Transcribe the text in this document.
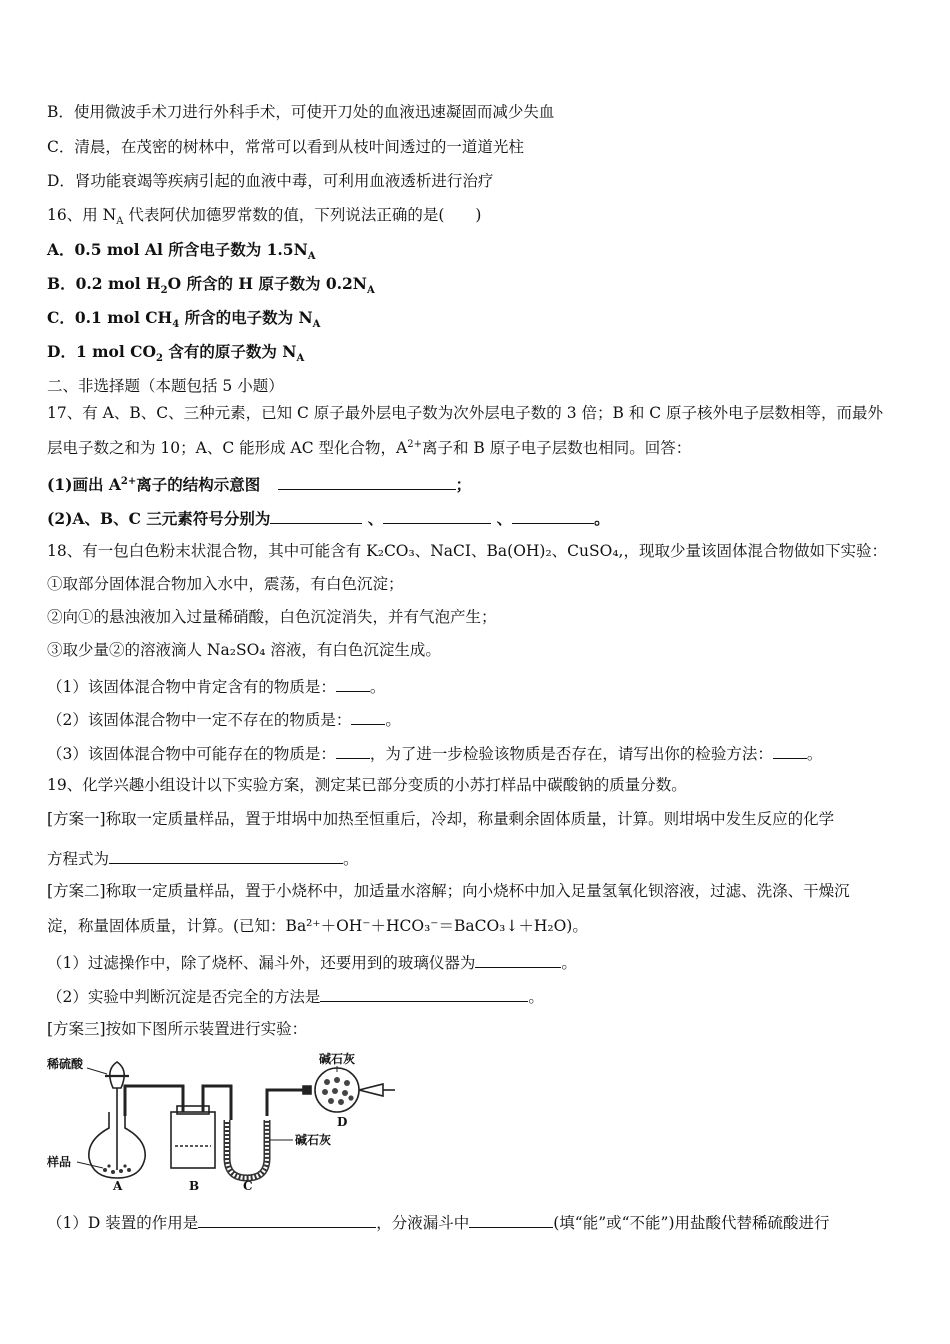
B．使用微波手术刀进行外科手术，可使开刀处的血液迅速凝固而减少失血
C．清晨，在茂密的树林中，常常可以看到从枝叶间透过的一道道光柱
D．肾功能衰竭等疾病引起的血液中毒，可利用血液透析进行治疗
16、用 $N_A$ 代表阿伏加德罗常数的值，下列说法正确的是(　　)
A．0.5 mol Al 所含电子数为 $1.5N_A$
B．0.2 mol $H_2O$ 所含的 H 原子数为 $0.2N_A$
C．0.1 mol $CH_4$ 所含的电子数为 $N_A$
D．1 mol $CO_2$ 含有的原子数为 $N_A$
二、非选择题（本题包括 5 小题）
17、有 A、B、C、三种元素，已知 C 原子最外层电子数为次外层电子数的 3 倍；B 和 C 原子核外电子层数相等，而最外
层电子数之和为 10；A、C 能形成 AC 型化合物，$A^{2+}$离子和 B 原子电子层数也相同。回答：
(1)画出 $A^{2+}$离子的结构示意图	；
(2)A、B、C 三元素符号分别为	、	、	。
18、有一包白色粉末状混合物，其中可能含有 K₂CO₃、NaCI、Ba(OH)₂、CuSO₄,，现取少量该固体混合物做如下实验：
①取部分固体混合物加入水中，震荡，有白色沉淀；
②向①的悬浊液加入过量稀硝酸，白色沉淀消失，并有气泡产生；
③取少量②的溶液滴人 Na₂SO₄ 溶液，有白色沉淀生成。
（1）该固体混合物中肯定含有的物质是： 。
（2）该固体混合物中一定不存在的物质是： 。
（3）该固体混合物中可能存在的物质是： ，为了进一步检验该物质是否存在，请写出你的检验方法： 。
19、化学兴趣小组设计以下实验方案，测定某已部分变质的小苏打样品中碳酸钠的质量分数。
[方案一]称取一定质量样品，置于坩埚中加热至恒重后，冷却，称量剩余固体质量，计算。则坩埚中发生反应的化学
方程式为	。
[方案二]称取一定质量样品，置于小烧杯中，加适量水溶解；向小烧杯中加入足量氢氧化钡溶液，过滤、洗涤、干燥沉
淀，称量固体质量，计算。(已知：Ba²⁺＋OH⁻＋HCO₃⁻＝BaCO₃↓＋H₂O)。
（1）过滤操作中，除了烧杯、漏斗外，还要用到的玻璃仪器为	。
（2）实验中判断沉淀是否完全的方法是	。
[方案三]按如下图所示装置进行实验：
稀硫酸
样品
碱石灰
碱石灰
A	B	C
D
（1）D 装置的作用是	，分液漏斗中	(填“能”或“不能”)用盐酸代替稀硫酸进行
